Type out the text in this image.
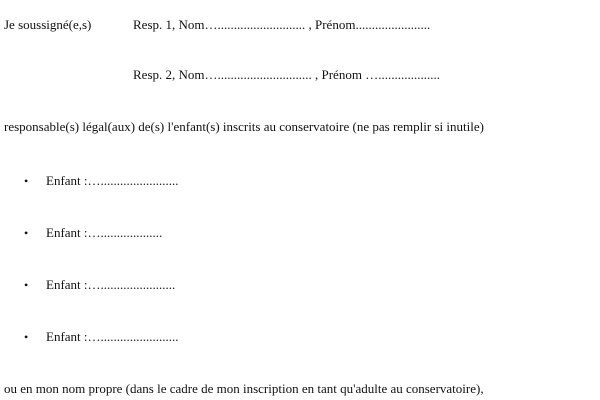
Je soussigné(e,s)	Resp. 1, Nom…........................... , Prénom.......................
Resp. 2, Nom…............................. , Prénom …...................
responsable(s) légal(aux) de(s) l'enfant(s) inscrits au conservatoire (ne pas remplir si inutile)
• Enfant :…........................
• Enfant :…...................
• Enfant :….......................
• Enfant :…........................
ou en mon nom propre (dans le cadre de mon inscription en tant qu'adulte au conservatoire),
